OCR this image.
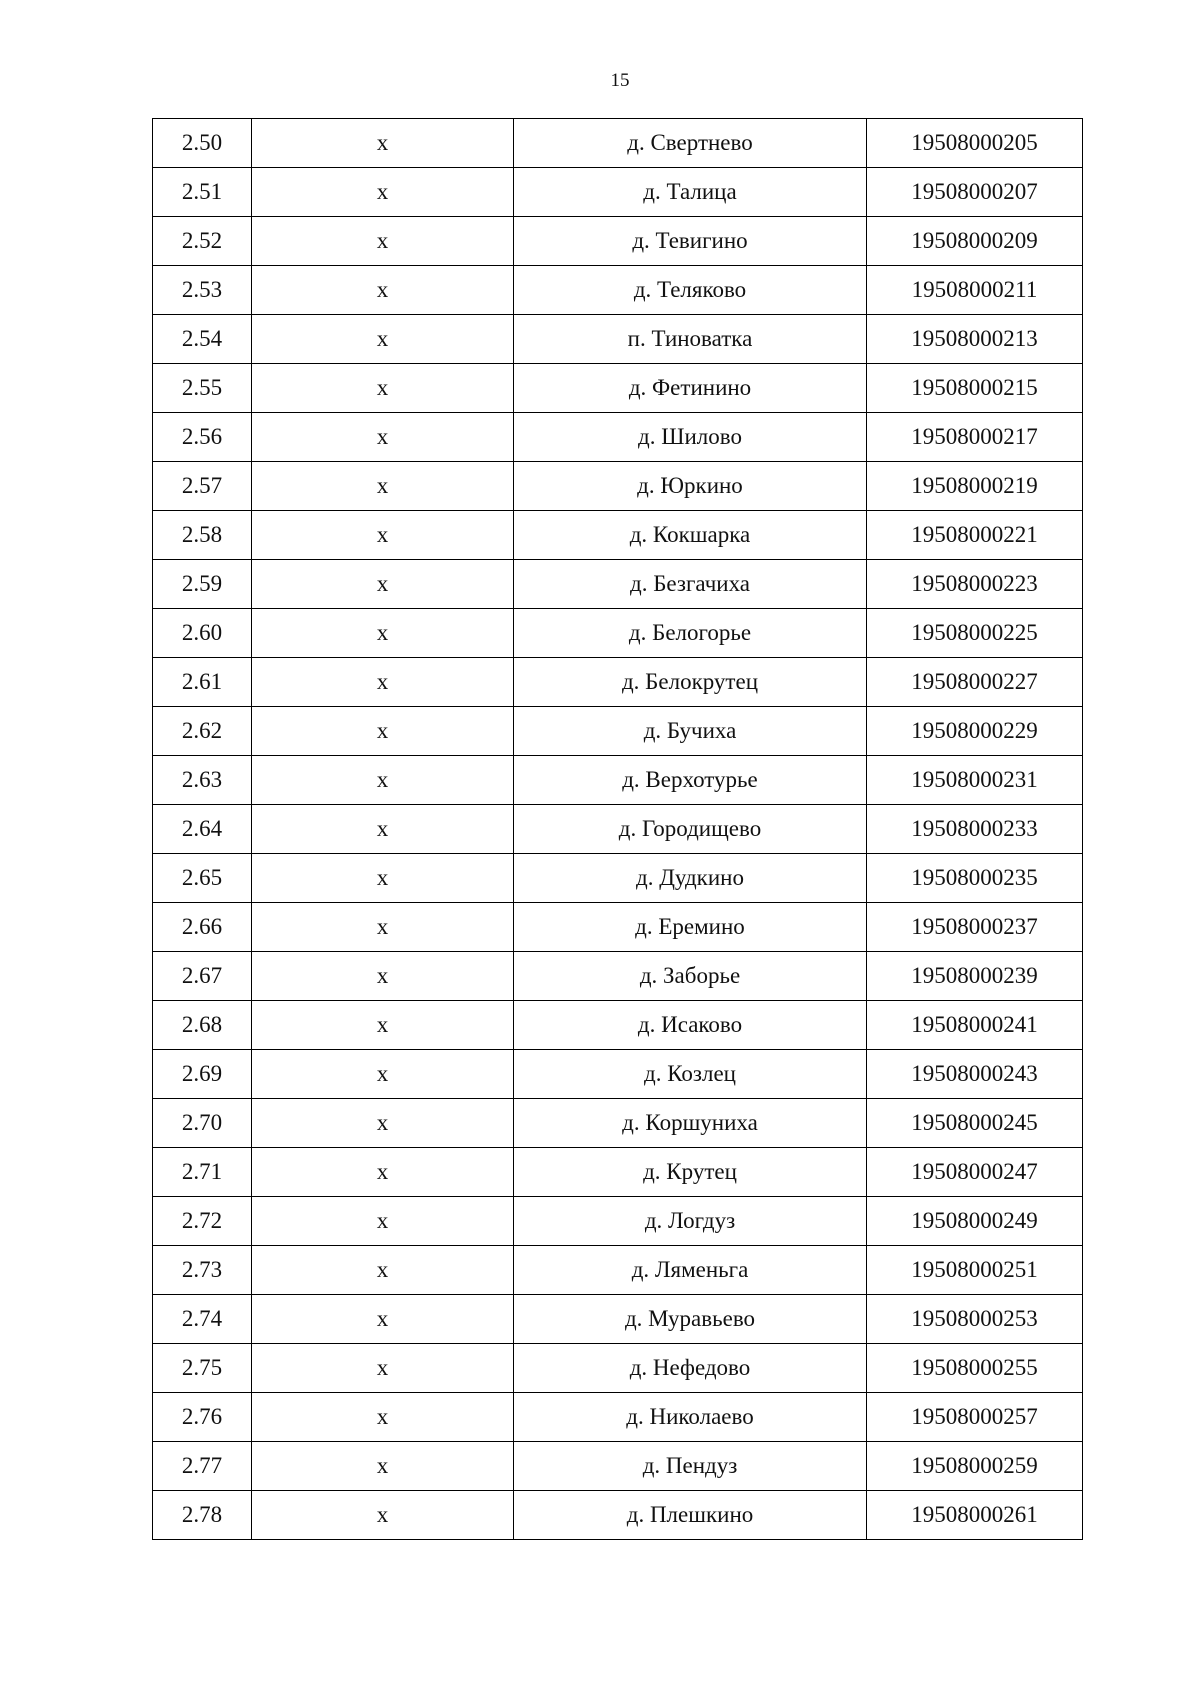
15
2.50	х	д. Свертнево	19508000205
2.51	х	д. Талица	19508000207
2.52	х	д. Тевигино	19508000209
2.53	х	д. Теляково	19508000211
2.54	х	п. Тиноватка	19508000213
2.55	х	д. Фетинино	19508000215
2.56	х	д. Шилово	19508000217
2.57	х	д. Юркино	19508000219
2.58	х	д. Кокшарка	19508000221
2.59	х	д. Безгачиха	19508000223
2.60	х	д. Белогорье	19508000225
2.61	х	д. Белокрутец	19508000227
2.62	х	д. Бучиха	19508000229
2.63	х	д. Верхотурье	19508000231
2.64	х	д. Городищево	19508000233
2.65	х	д. Дудкино	19508000235
2.66	х	д. Еремино	19508000237
2.67	х	д. Заборье	19508000239
2.68	х	д. Исаково	19508000241
2.69	х	д. Козлец	19508000243
2.70	х	д. Коршуниха	19508000245
2.71	х	д. Крутец	19508000247
2.72	х	д. Логдуз	19508000249
2.73	х	д. Ляменьга	19508000251
2.74	х	д. Муравьево	19508000253
2.75	х	д. Нефедово	19508000255
2.76	х	д. Николаево	19508000257
2.77	х	д. Пендуз	19508000259
2.78	х	д. Плешкино	19508000261
